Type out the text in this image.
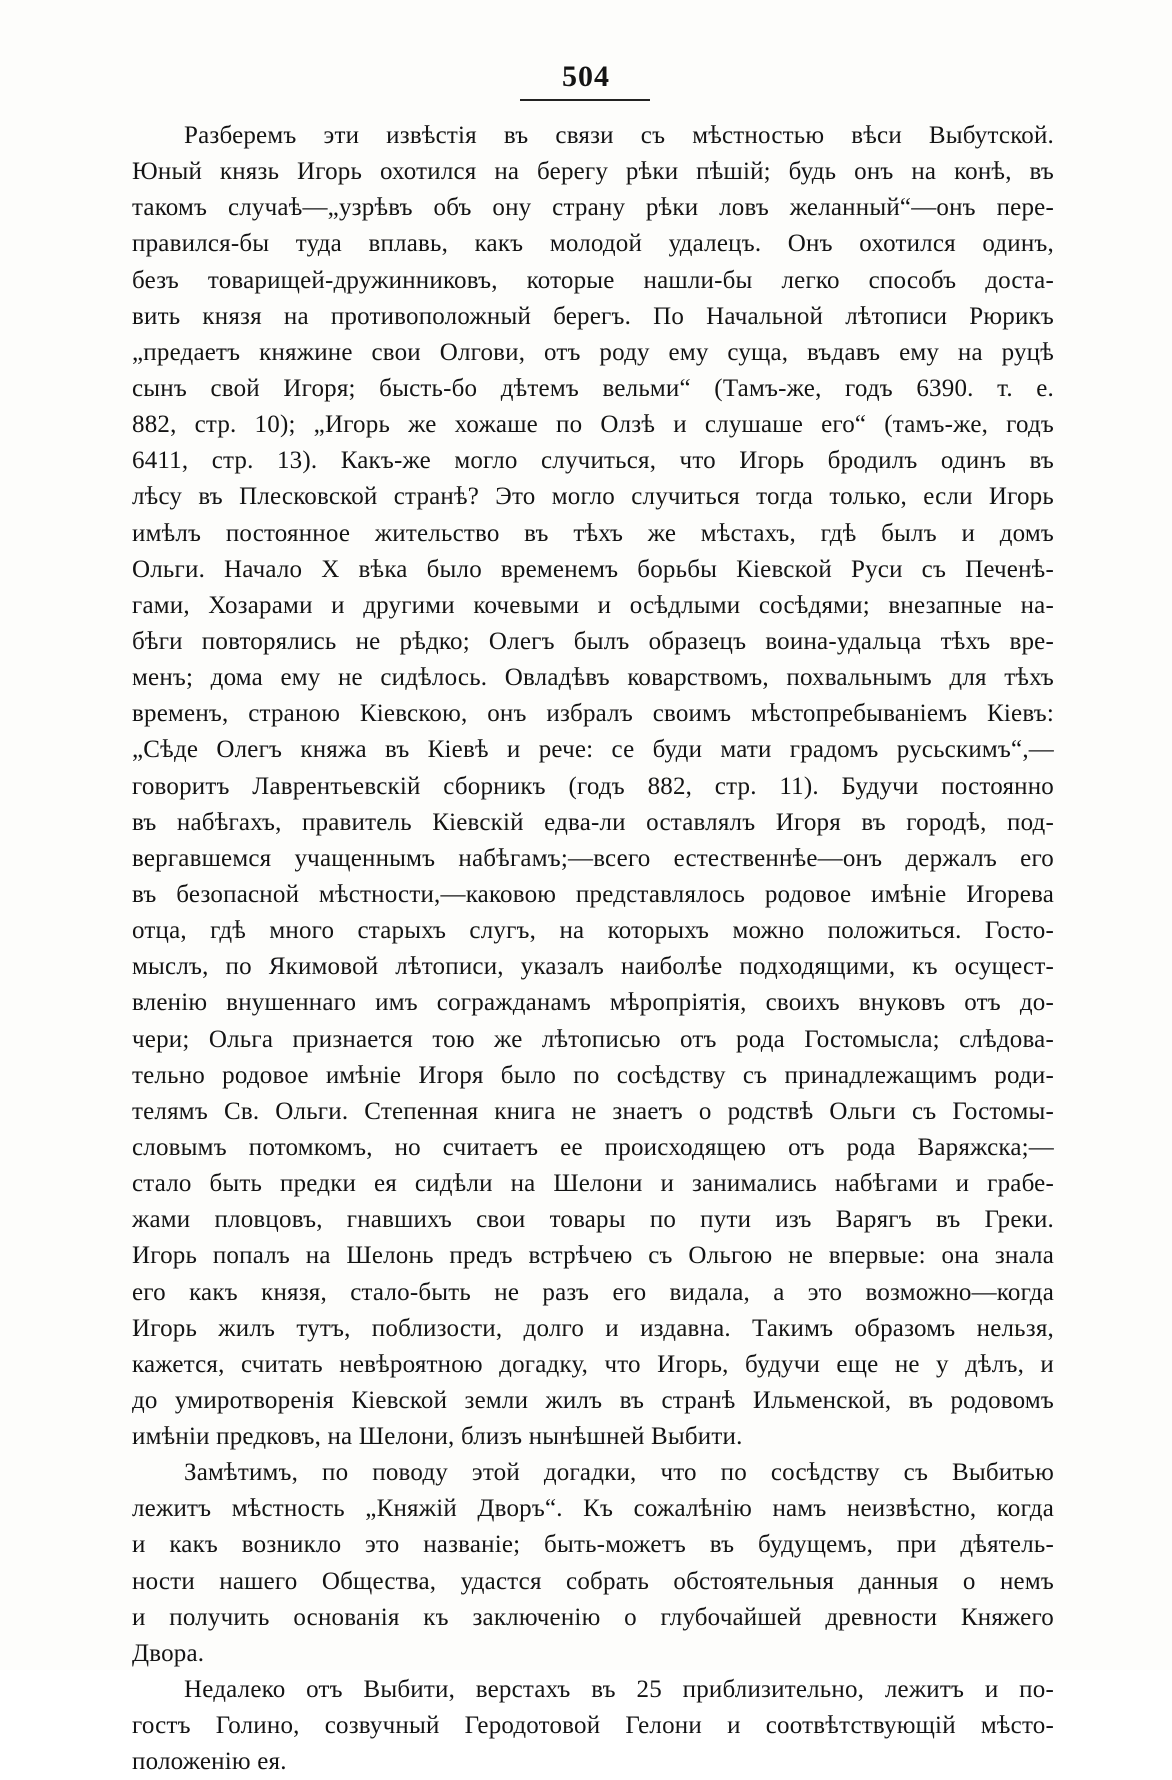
504
Разберемъ эти извѣстія въ связи съ мѣстностью вѣси Выбутской.
Юный князь Игорь охотился на берегу рѣки пѣшій; будь онъ на конѣ, въ
такомъ случаѣ—„узрѣвъ объ ону страну рѣки ловъ желанный“—онъ пере-
правился-бы туда вплавь, какъ молодой удалецъ. Онъ охотился одинъ,
безъ товарищей-дружинниковъ, которые нашли-бы легко способъ доста-
вить князя на противоположный берегъ. По Начальной лѣтописи Рюрикъ
„предаетъ княжине свои Олгови, отъ роду ему суща, въдавъ ему на руцѣ
сынъ свой Игоря; бысть-бо дѣтемъ вельми“ (Тамъ-же, годъ 6390. т. е.
882, стр. 10); „Игорь же хожаше по Олзѣ и слушаше его“ (тамъ-же, годъ
6411, стр. 13). Какъ-же могло случиться, что Игорь бродилъ одинъ въ
лѣсу въ Плесковской странѣ? Это могло случиться тогда только, если Игорь
имѣлъ постоянное жительство въ тѣхъ же мѣстахъ, гдѣ былъ и домъ
Ольги. Начало X вѣка было временемъ борьбы Кіевской Руси съ Печенѣ-
гами, Хозарами и другими кочевыми и осѣдлыми сосѣдями; внезапные на-
бѣги повторялись не рѣдко; Олегъ былъ образецъ воина-удальца тѣхъ вре-
менъ; дома ему не сидѣлось. Овладѣвъ коварствомъ, похвальнымъ для тѣхъ
временъ, страною Кіевскою, онъ избралъ своимъ мѣстопребываніемъ Кіевъ:
„Сѣде Олегъ княжа въ Кіевѣ и рече: се буди мати градомъ русьскимъ“,—
говоритъ Лаврентьевскій сборникъ (годъ 882, стр. 11). Будучи постоянно
въ набѣгахъ, правитель Кіевскій едва-ли оставлялъ Игоря въ городѣ, под-
вергавшемся учащеннымъ набѣгамъ;—всего естественнѣе—онъ держалъ его
въ безопасной мѣстности,—каковою представлялось родовое имѣніе Игорева
отца, гдѣ много старыхъ слугъ, на которыхъ можно положиться. Госто-
мыслъ, по Якимовой лѣтописи, указалъ наиболѣе подходящими, къ осущест-
вленію внушеннаго имъ согражданамъ мѣропріятія, своихъ внуковъ отъ до-
чери; Ольга признается тою же лѣтописью отъ рода Гостомысла; слѣдова-
тельно родовое имѣніе Игоря было по сосѣдству съ принадлежащимъ роди-
телямъ Св. Ольги. Степенная книга не знаетъ о родствѣ Ольги съ Гостомы-
словымъ потомкомъ, но считаетъ ее происходящею отъ рода Варяжска;—
стало быть предки ея сидѣли на Шелони и занимались набѣгами и грабе-
жами пловцовъ, гнавшихъ свои товары по пути изъ Варягъ въ Греки.
Игорь попалъ на Шелонь предъ встрѣчею съ Ольгою не впервые: она знала
его какъ князя, стало-быть не разъ его видала, а это возможно—когда
Игорь жилъ тутъ, поблизости, долго и издавна. Такимъ образомъ нельзя,
кажется, считать невѣроятною догадку, что Игорь, будучи еще не у дѣлъ, и
до умиротворенія Кіевской земли жилъ въ странѣ Ильменской, въ родовомъ
имѣніи предковъ, на Шелони, близъ нынѣшней Выбити.
Замѣтимъ, по поводу этой догадки, что по сосѣдству съ Выбитью
лежитъ мѣстность „Княжій Дворъ“. Къ сожалѣнію намъ неизвѣстно, когда
и какъ возникло это названіе; быть-можетъ въ будущемъ, при дѣятель-
ности нашего Общества, удастся собрать обстоятельныя данныя о немъ
и получить основанія къ заключенію о глубочайшей древности Княжего
Двора.
Недалеко отъ Выбити, верстахъ въ 25 приблизительно, лежитъ и по-
гостъ Голино, созвучный Геродотовой Гелони и соотвѣтствующій мѣсто-
положенію ея.
